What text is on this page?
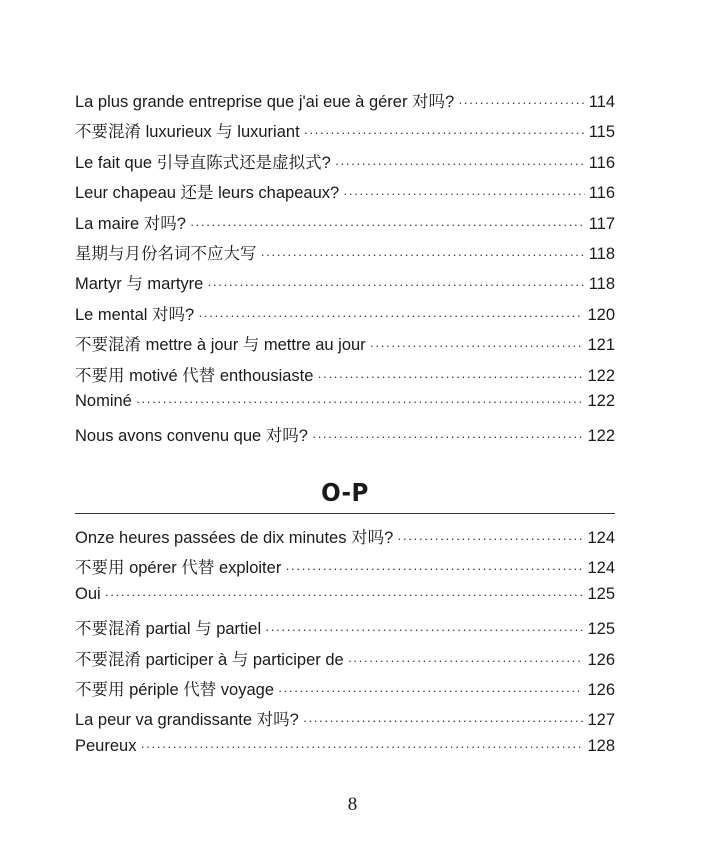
La plus grande entreprise que j'ai eue à gérer 对吗? ·····	114
不要混淆 luxurieux 与 luxuriant ·····	115
Le fait que 引导直陈式还是虚拟式? ·····	116
Leur chapeau 还是 leurs chapeaux? ·····	116
La maire 对吗? ·····	117
星期与月份名词不应大写 ·····	118
Martyr 与 martyre ·····	118
Le mental 对吗? ·····	120
不要混淆 mettre à jour 与 mettre au jour ·····	121
不要用 motivé 代替 enthousiaste ·····	122
Nominé ·····	122
Nous avons convenu que 对吗? ·····	122
O-P
Onze heures passées de dix minutes 对吗? ·····	124
不要用 opérer 代替 exploiter ·····	124
Oui ·····	125
不要混淆 partial 与 partiel ·····	125
不要混淆 participer à 与 participer de ·····	126
不要用 périple 代替 voyage ·····	126
La peur va grandissante 对吗? ·····	127
Peureux ·····	128
8
